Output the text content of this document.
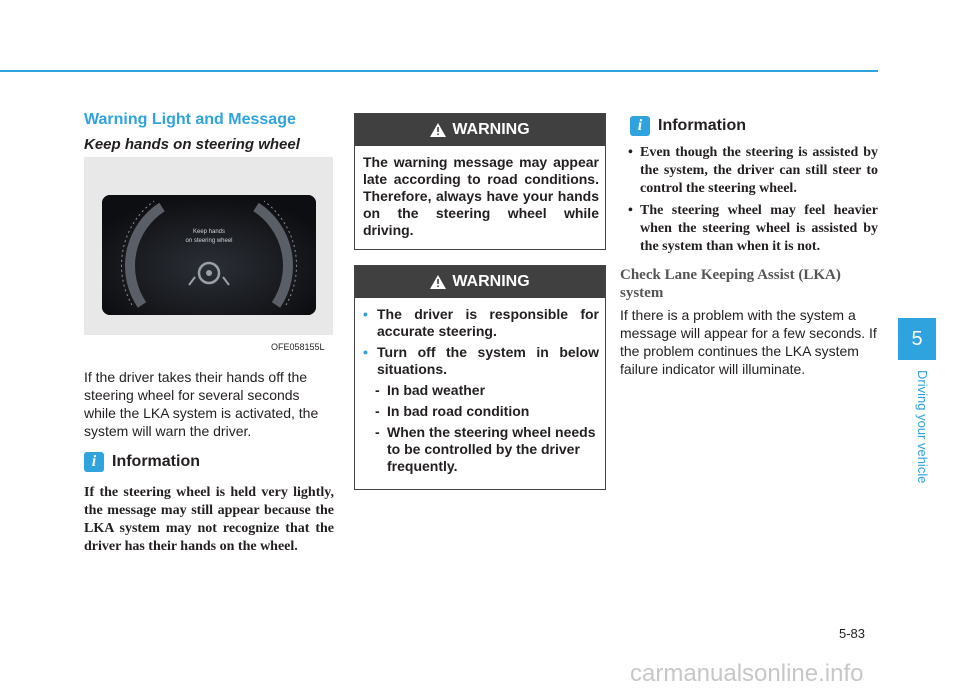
Warning Light and Message
Keep hands on steering wheel
Keep hands
on steering wheel
OFE058155L
If the driver takes their hands off the steering wheel for several seconds while the LKA system is activated, the system will warn the driver.
i Information
If the steering wheel is held very lightly, the message may still appear because the LKA system may not recognize that the driver has their hands on the wheel.
WARNING

The warning message may appear late according to road conditions. Therefore, always have your hands on the steering wheel while driving.

WARNING
• The driver is responsible for accurate steering.
• Turn off the system in below situations.
- In bad weather
- In bad road condition
- When the steering wheel needs to be controlled by the driver frequently.
i Information
• Even though the steering is assisted by the system, the driver can still steer to control the steering wheel.
• The steering wheel may feel heavier when the steering wheel is assisted by the system than when it is not.
Check Lane Keeping Assist (LKA) system
If there is a problem with the system a message will appear for a few seconds. If the problem continues the LKA system failure indicator will illuminate.
5
Driving your vehicle
5-83
carmanualsonline.info
